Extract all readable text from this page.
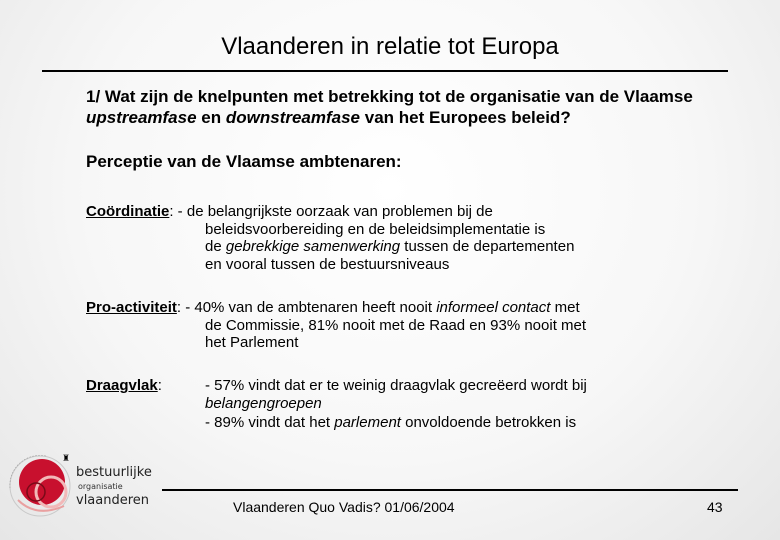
Vlaanderen in relatie tot Europa
1/ Wat zijn de knelpunten met betrekking tot de organisatie van de Vlaamse upstreamfase en downstreamfase van het Europees beleid?
Perceptie van de Vlaamse ambtenaren:
Coördinatie: - de belangrijkste oorzaak van problemen bij de
beleidsvoorbereiding en de beleidsimplementatie is
de gebrekkige samenwerking tussen de departementen
en vooral tussen de bestuursniveaus
Pro-activiteit: - 40% van de ambtenaren heeft nooit informeel contact met
de Commissie, 81% nooit met de Raad en 93% nooit met
het Parlement
Draagvlak:	- 57% vindt dat er te weinig draagvlak gecreëerd wordt bij
belangengroepen
- 89% vindt dat het parlement onvoldoende betrokken is
♜
bestuurlijke
organisatie
vlaanderen	Vlaanderen Quo Vadis? 01/06/2004	43
